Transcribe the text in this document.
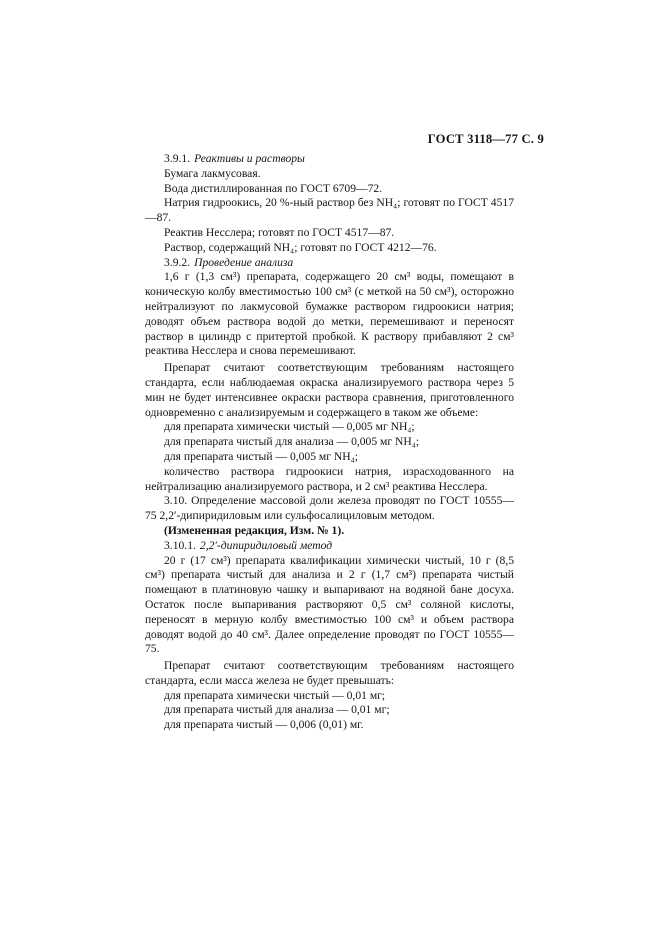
ГОСТ 3118—77 С. 9

3.9.1. Реактивы и растворы

Бумага лакмусовая.

Вода дистиллированная по ГОСТ 6709—72.

Натрия гидроокись, 20 %-ный раствор без NH₄; готовят по ГОСТ 4517—87.

Реактив Несслера; готовят по ГОСТ 4517—87.

Раствор, содержащий NH₄; готовят по ГОСТ 4212—76.

3.9.2. Проведение анализа

1,6 г (1,3 см³) препарата, содержащего 20 см³ воды, помещают в коническую колбу вместимостью 100 см³ (с меткой на 50 см³), осторожно нейтрализуют по лакмусовой бумажке раствором гидроокиси натрия; доводят объем раствора водой до метки, перемешивают и переносят раствор в цилиндр с притертой пробкой. К раствору прибавляют 2 см³ реактива Несслера и снова перемешивают.

Препарат считают соответствующим требованиям настоящего стандарта, если наблюдаемая окраска анализируемого раствора через 5 мин не будет интенсивнее окраски раствора сравнения, приготовленного одновременно с анализируемым и содержащего в таком же объеме:

для препарата химически чистый — 0,005 мг NH₄;

для препарата чистый для анализа — 0,005 мг NH₄;

для препарата чистый — 0,005 мг NH₄;

количество раствора гидроокиси натрия, израсходованного на нейтрализацию анализируемого раствора, и 2 см³ реактива Несслера.

3.10. Определение массовой доли железа проводят по ГОСТ 10555—75 2,2′-дипиридиловым или сульфосалициловым методом.

(Измененная редакция, Изм. № 1).

3.10.1. 2,2′-дипиридиловый метод

20 г (17 см³) препарата квалификации химически чистый, 10 г (8,5 см³) препарата чистый для анализа и 2 г (1,7 см³) препарата чистый помещают в платиновую чашку и выпаривают на водяной бане досуха. Остаток после выпаривания растворяют 0,5 см³ соляной кислоты, переносят в мерную колбу вместимостью 100 см³ и объем раствора доводят водой до 40 см³. Далее определение проводят по ГОСТ 10555—75.

Препарат считают соответствующим требованиям настоящего стандарта, если масса железа не будет превышать:

для препарата химически чистый — 0,01 мг;

для препарата чистый для анализа — 0,01 мг;

для препарата чистый — 0,006 (0,01) мг.
